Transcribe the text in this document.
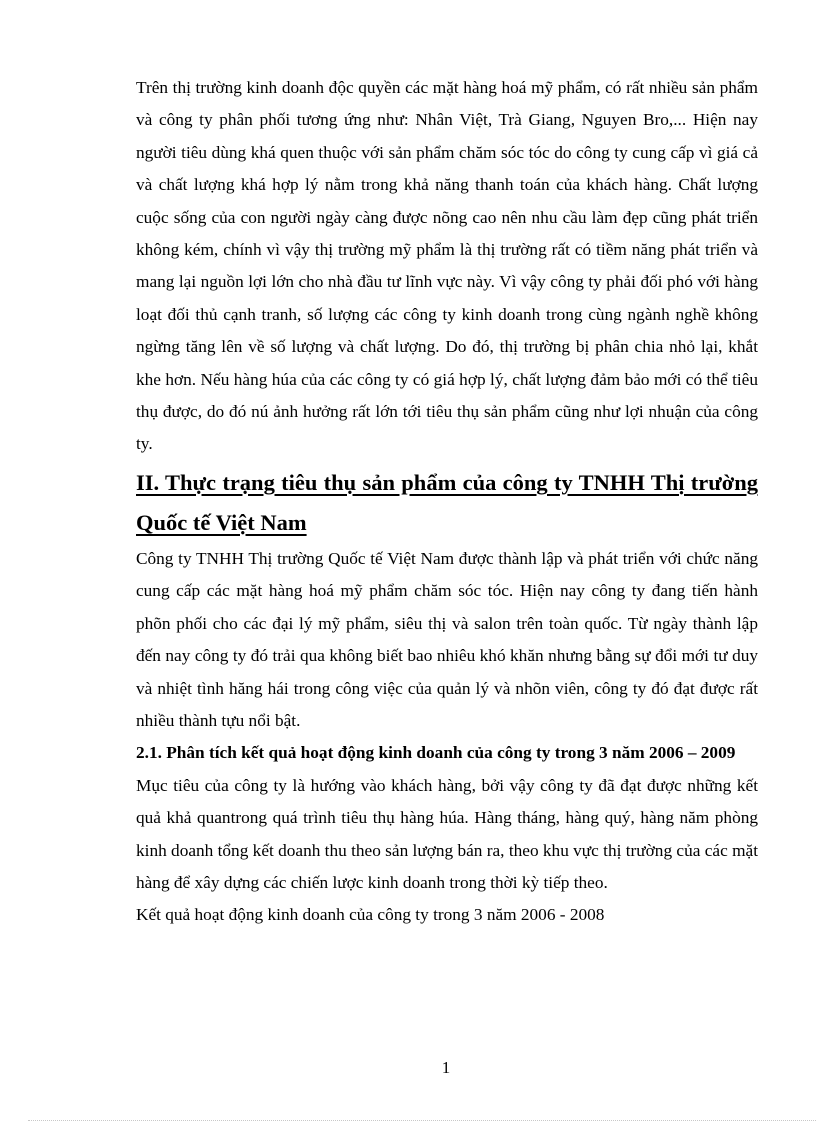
Trên thị trường kinh doanh độc quyền các mặt hàng hoá mỹ phẩm, có rất nhiều sản phẩm và công ty phân phối tương ứng như: Nhân Việt, Trà Giang, Nguyen Bro,... Hiện nay người tiêu dùng khá quen thuộc với sản phẩm chăm sóc tóc do công ty cung cấp vì giá cả và chất lượng khá hợp lý nằm trong khả năng thanh toán của khách hàng. Chất lượng cuộc sống của con người ngày càng được nõng cao nên nhu cầu làm đẹp cũng phát triển không kém, chính vì vậy thị trường mỹ phẩm là thị trường rất có tiềm năng phát triển và mang lại nguồn lợi lớn cho nhà đầu tư lĩnh vực này. Vì vậy công ty phải đối phó với hàng loạt đối thủ cạnh tranh, số lượng các công ty kinh doanh trong cùng ngành nghề không ngừng tăng lên về số lượng và chất lượng. Do đó, thị trường bị phân chia nhỏ lại, khắt khe hơn. Nếu hàng húa của các công ty có giá hợp lý, chất lượng đảm bảo mới có thể tiêu thụ được, do đó nú ảnh hưởng rất lớn tới tiêu thụ sản phẩm cũng như lợi nhuận của công ty.

II. Thực trạng tiêu thụ sản phẩm của công ty TNHH Thị trường Quốc tế Việt Nam

Công ty TNHH Thị trường Quốc tế Việt Nam được thành lập và phát triển với chức năng cung cấp các mặt hàng hoá mỹ phẩm chăm sóc tóc. Hiện nay công ty đang tiến hành phõn phối cho các đại lý mỹ phẩm, siêu thị và salon trên toàn quốc. Từ ngày thành lập đến nay công ty đó trải qua không biết bao nhiêu khó khăn nhưng bằng sự đổi mới tư duy và nhiệt tình hăng hái trong công việc của quản lý và nhõn viên, công ty đó đạt được rất nhiều thành tựu nổi bật.

2.1. Phân tích kết quả hoạt động kinh doanh của công ty trong 3 năm 2006 – 2009

Mục tiêu của công ty là hướng vào khách hàng, bởi vậy công ty đã đạt được những kết quả khả quantrong quá trình tiêu thụ hàng húa. Hàng tháng, hàng quý, hàng năm phòng kinh doanh tổng kết doanh thu theo sản lượng bán ra, theo khu vực thị trường của các mặt hàng để xây dựng các chiến lược kinh doanh trong thời kỳ tiếp theo.

Kết quả hoạt động kinh doanh của công ty trong 3 năm 2006 - 2008

1
